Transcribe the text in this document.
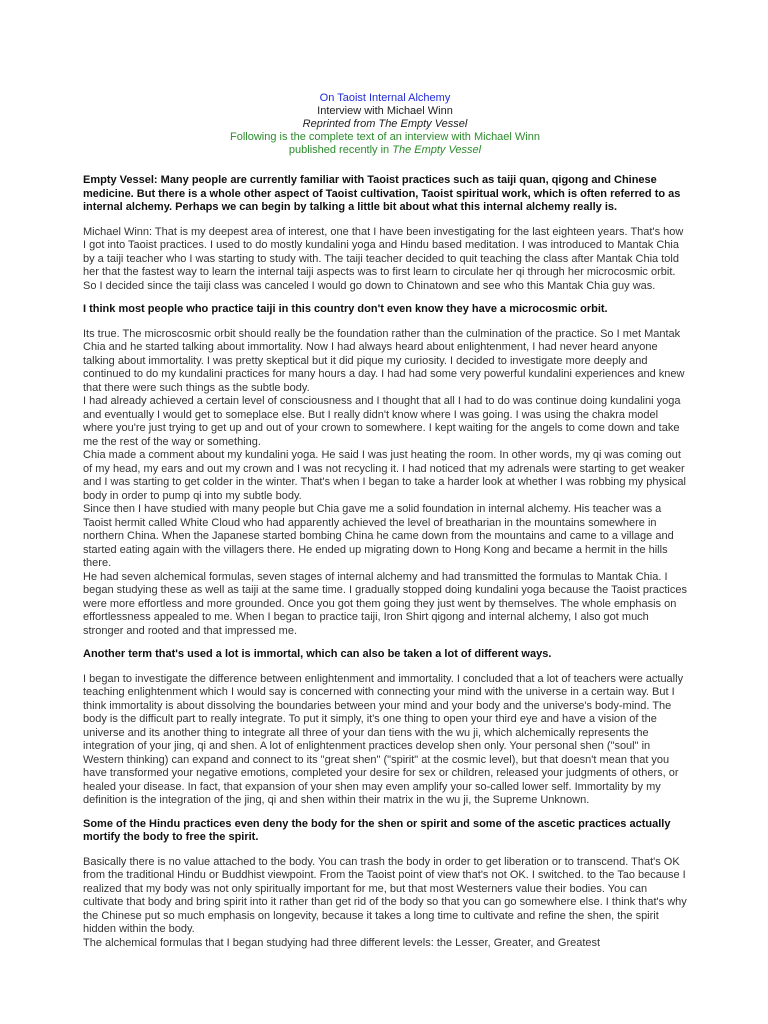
On Taoist Internal Alchemy
Interview with Michael Winn
Reprinted from The Empty Vessel
Following is the complete text of an interview with Michael Winn
published recently in The Empty Vessel
Empty Vessel: Many people are currently familiar with Taoist practices such as taiji quan, qigong and Chinese medicine. But there is a whole other aspect of Taoist cultivation, Taoist spiritual work, which is often referred to as internal alchemy. Perhaps we can begin by talking a little bit about what this internal alchemy really is.

Michael Winn: That is my deepest area of interest, one that I have been investigating for the last eighteen years. That's how I got into Taoist practices. I used to do mostly kundalini yoga and Hindu based meditation. I was introduced to Mantak Chia by a taiji teacher who I was starting to study with. The taiji teacher decided to quit teaching the class after Mantak Chia told her that the fastest way to learn the internal taiji aspects was to first learn to circulate her qi through her microcosmic orbit. So I decided since the taiji class was canceled I would go down to Chinatown and see who this Mantak Chia guy was.

I think most people who practice taiji in this country don't even know they have a microcosmic orbit.

Its true. The microscosmic orbit should really be the foundation rather than the culmination of the practice. So I met Mantak Chia and he started talking about immortality. Now I had always heard about enlightenment, I had never heard anyone talking about immortality. I was pretty skeptical but it did pique my curiosity. I decided to investigate more deeply and continued to do my kundalini practices for many hours a day. I had had some very powerful kundalini experiences and knew that there were such things as the subtle body.

I had already achieved a certain level of consciousness and I thought that all I had to do was continue doing kundalini yoga and eventually I would get to someplace else. But I really didn't know where I was going. I was using the chakra model where you're just trying to get up and out of your crown to somewhere. I kept waiting for the angels to come down and take me the rest of the way or something.

Chia made a comment about my kundalini yoga. He said I was just heating the room. In other words, my qi was coming out of my head, my ears and out my crown and I was not recycling it. I had noticed that my adrenals were starting to get weaker and I was starting to get colder in the winter. That's when I began to take a harder look at whether I was robbing my physical body in order to pump qi into my subtle body.

Since then I have studied with many people but Chia gave me a solid foundation in internal alchemy. His teacher was a Taoist hermit called White Cloud who had apparently achieved the level of breatharian in the mountains somewhere in northern China. When the Japanese started bombing China he came down from the mountains and came to a village and started eating again with the villagers there. He ended up migrating down to Hong Kong and became a hermit in the hills there.

He had seven alchemical formulas, seven stages of internal alchemy and had transmitted the formulas to Mantak Chia. I began studying these as well as taiji at the same time. I gradually stopped doing kundalini yoga because the Taoist practices were more effortless and more grounded. Once you got them going they just went by themselves. The whole emphasis on effortlessness appealed to me. When I began to practice taiji, Iron Shirt qigong and internal alchemy, I also got much stronger and rooted and that impressed me.

Another term that's used a lot is immortal, which can also be taken a lot of different ways.

I began to investigate the difference between enlightenment and immortality. I concluded that a lot of teachers were actually teaching enlightenment which I would say is concerned with connecting your mind with the universe in a certain way. But I think immortality is about dissolving the boundaries between your mind and your body and the universe's body-mind. The body is the difficult part to really integrate. To put it simply, it's one thing to open your third eye and have a vision of the universe and its another thing to integrate all three of your dan tiens with the wu ji, which alchemically represents the integration of your jing, qi and shen. A lot of enlightenment practices develop shen only. Your personal shen ("soul" in Western thinking) can expand and connect to its "great shen" ("spirit" at the cosmic level), but that doesn't mean that you have transformed your negative emotions, completed your desire for sex or children, released your judgments of others, or healed your disease. In fact, that expansion of your shen may even amplify your so-called lower self. Immortality by my definition is the integration of the jing, qi and shen within their matrix in the wu ji, the Supreme Unknown.

Some of the Hindu practices even deny the body for the shen or spirit and some of the ascetic practices actually mortify the body to free the spirit.

Basically there is no value attached to the body. You can trash the body in order to get liberation or to transcend. That's OK from the traditional Hindu or Buddhist viewpoint. From the Taoist point of view that's not OK. I switched. to the Tao because I realized that my body was not only spiritually important for me, but that most Westerners value their bodies. You can cultivate that body and bring spirit into it rather than get rid of the body so that you can go somewhere else. I think that's why the Chinese put so much emphasis on longevity, because it takes a long time to cultivate and refine the shen, the spirit hidden within the body.

The alchemical formulas that I began studying had three different levels: the Lesser, Greater, and Greatest
